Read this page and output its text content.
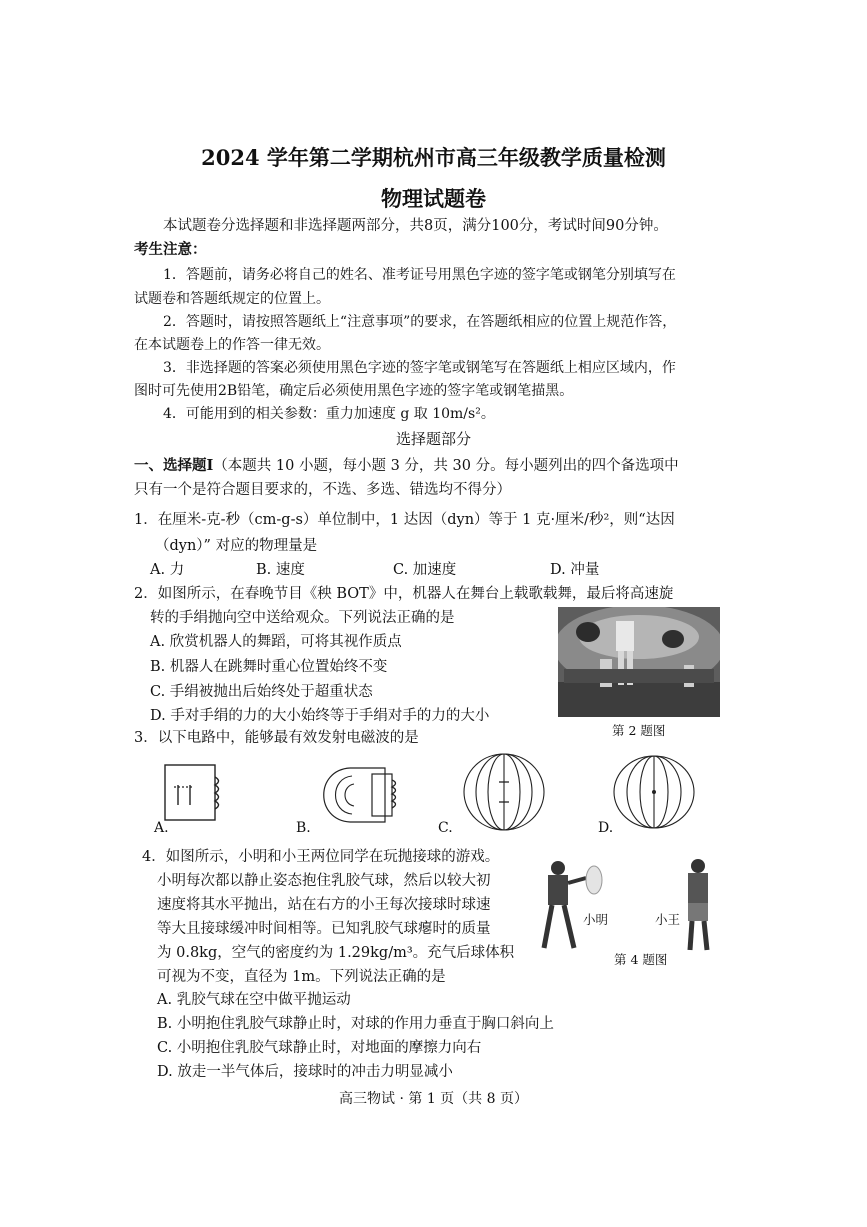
2024 学年第二学期杭州市高三年级教学质量检测
物理试题卷
本试题卷分选择题和非选择题两部分，共8页，满分100分，考试时间90分钟。
考生注意：
1．答题前，请务必将自己的姓名、准考证号用黑色字迹的签字笔或钢笔分别填写在
试题卷和答题纸规定的位置上。
2．答题时，请按照答题纸上“注意事项”的要求，在答题纸相应的位置上规范作答，
在本试题卷上的作答一律无效。
3．非选择题的答案必须使用黑色字迹的签字笔或钢笔写在答题纸上相应区域内，作
图时可先使用2B铅笔，确定后必须使用黑色字迹的签字笔或钢笔描黑。
4．可能用到的相关参数：重力加速度 g 取 10m/s²。
选择题部分
一、选择题Ⅰ（本题共 10 小题，每小题 3 分，共 30 分。每小题列出的四个备选项中
只有一个是符合题目要求的，不选、多选、错选均不得分）
1．在厘米-克-秒（cm-g-s）单位制中，1 达因（dyn）等于 1 克·厘米/秒²，则“达因
（dyn）” 对应的物理量是
A. 力	B. 速度	C. 加速度	D. 冲量
2．如图所示，在春晚节目《秧 BOT》中，机器人在舞台上载歌载舞，最后将高速旋
转的手绢抛向空中送给观众。下列说法正确的是
A. 欣赏机器人的舞蹈，可将其视作质点
B. 机器人在跳舞时重心位置始终不变
C. 手绢被抛出后始终处于超重状态
D. 手对手绢的力的大小始终等于手绢对手的力的大小
第 2 题图
3．以下电路中，能够最有效发射电磁波的是
A.	B.	C.	D.
4．如图所示，小明和小王两位同学在玩抛接球的游戏。
小明每次都以静止姿态抱住乳胶气球，然后以较大初
速度将其水平抛出，站在右方的小王每次接球时球速
等大且接球缓冲时间相等。已知乳胶气球瘪时的质量
为 0.8kg，空气的密度约为 1.29kg/m³。充气后球体积
可视为不变，直径为 1m。下列说法正确的是
小明	小王
第 4 题图
A. 乳胶气球在空中做平抛运动
B. 小明抱住乳胶气球静止时，对球的作用力垂直于胸口斜向上
C. 小明抱住乳胶气球静止时，对地面的摩擦力向右
D. 放走一半气体后，接球时的冲击力明显减小
高三物试 · 第 1 页（共 8 页）
